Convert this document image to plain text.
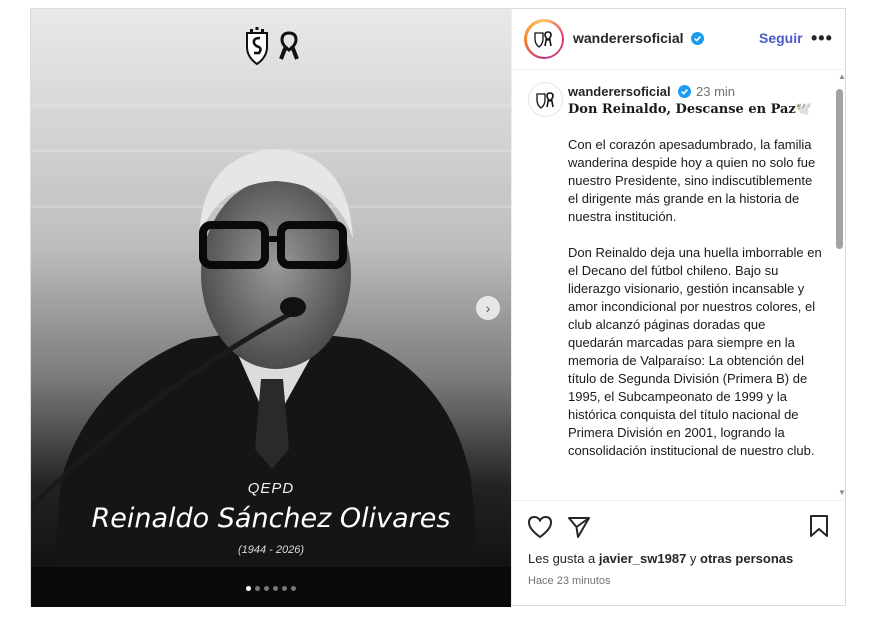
QEPD
Reinaldo Sánchez Olivares
(1944 - 2026)
›
wanderersoficial	Seguir •••
wanderersoficial	23 min
Don Reinaldo, Descanse en Paz🕊️
Con el corazón apesadumbrado, la familia wanderina despide hoy a quien no solo fue nuestro Presidente, sino indiscutiblemente el dirigente más grande en la historia de nuestra institución.

Don Reinaldo deja una huella imborrable en el Decano del fútbol chileno. Bajo su liderazgo visionario, gestión incansable y amor incondicional por nuestros colores, el club alcanzó páginas doradas que quedarán marcadas para siempre en la memoria de Valparaíso: La obtención del título de Segunda División (Primera B) de 1995, el Subcampeonato de 1999 y la histórica conquista del título nacional de Primera División en 2001, logrando la consolidación institucional de nuestro club.
▲
▼
Les gusta a javier_sw1987 y otras personas
Hace 23 minutos
